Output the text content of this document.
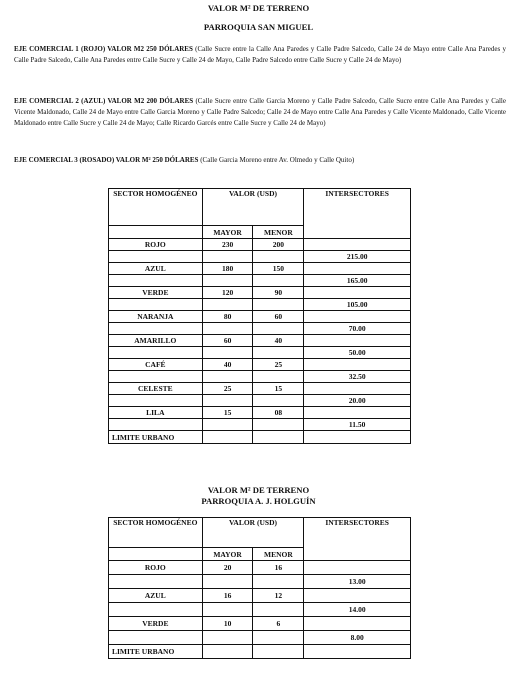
VALOR M² DE TERRENO
PARROQUIA SAN MIGUEL
EJE COMERCIAL 1 (ROJO) VALOR M2 250 DÓLARES (Calle Sucre entre la Calle Ana Paredes y Calle Padre Salcedo, Calle 24 de Mayo entre Calle Ana Paredes y Calle Padre Salcedo, Calle Ana Paredes entre Calle Sucre y Calle 24 de Mayo, Calle Padre Salcedo entre Calle Sucre y Calle 24 de Mayo)
EJE COMERCIAL 2 (AZUL) VALOR M2 200 DÓLARES (Calle Sucre entre Calle Garcia Moreno y Calle Padre Salcedo, Calle Sucre entre Calle Ana Paredes y Calle Vicente Maldonado, Calle 24 de Mayo entre Calle Garcia Moreno y Calle Padre Salcedo; Calle 24 de Mayo entre Calle Ana Paredes y Calle Vicente Maldonado, Calle Vicente Maldonado entre Calle Sucre y Calle 24 de Mayo; Calle Ricardo Garcés entre Calle Sucre y Calle 24 de Mayo)
EJE COMERCIAL 3 (ROSADO) VALOR M² 250 DÓLARES (Calle Garcia Moreno entre Av. Olmedo y Calle Quito)
SECTOR HOMOGÉNEO	VALOR (USD)		INTERSECTORES
	MAYOR	MENOR	
ROJO	230	200	
			215.00
AZUL	180	150	
			165.00
VERDE	120	90	
			105.00
NARANJA	80	60	
			70.00
AMARILLO	60	40	
			50.00
CAFÉ	40	25	
			32.50
CELESTE	25	15	
			20.00
LILA	15	08	
			11.50
LIMITE URBANO			
VALOR M² DE TERRENO
PARROQUIA A. J. HOLGUÍN
SECTOR HOMOGÉNEO	VALOR (USD)		INTERSECTORES
	MAYOR	MENOR	
ROJO	20	16	
			13.00
AZUL	16	12	
			14.00
VERDE	10	6	
			8.00
LIMITE URBANO			
